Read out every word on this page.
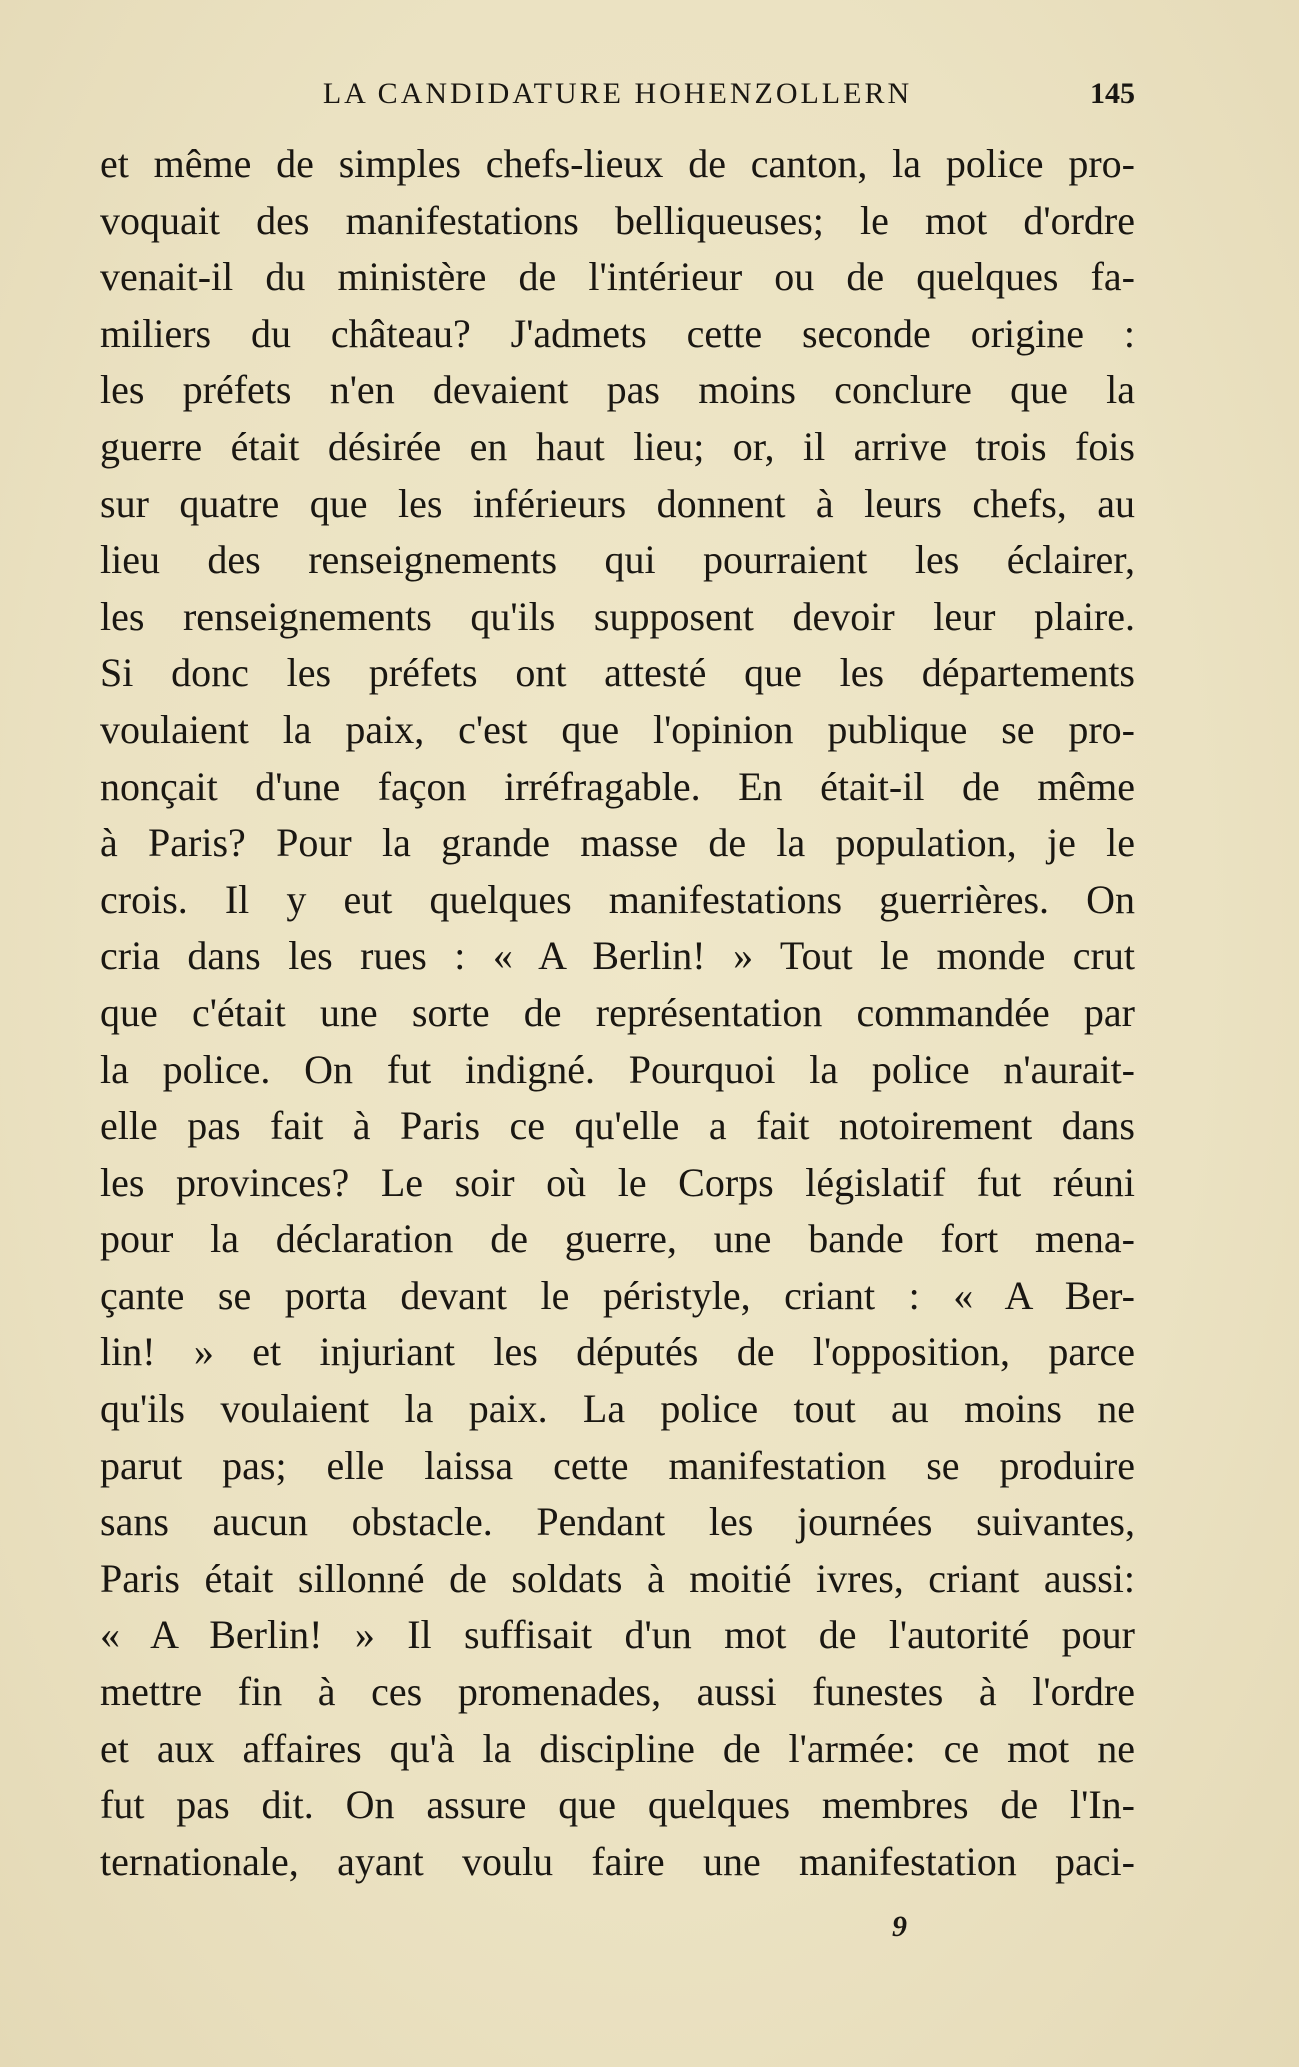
LA CANDIDATURE HOHENZOLLERN	145
et même de simples chefs-lieux de canton, la police pro-
voquait des manifestations belliqueuses; le mot d'ordre
venait-il du ministère de l'intérieur ou de quelques fa-
miliers du château? J'admets cette seconde origine :
les préfets n'en devaient pas moins conclure que la
guerre était désirée en haut lieu; or, il arrive trois fois
sur quatre que les inférieurs donnent à leurs chefs, au
lieu des renseignements qui pourraient les éclairer,
les renseignements qu'ils supposent devoir leur plaire.
Si donc les préfets ont attesté que les départements
voulaient la paix, c'est que l'opinion publique se pro-
nonçait d'une façon irréfragable. En était-il de même
à Paris? Pour la grande masse de la population, je le
crois. Il y eut quelques manifestations guerrières. On
cria dans les rues : « A Berlin! » Tout le monde crut
que c'était une sorte de représentation commandée par
la police. On fut indigné. Pourquoi la police n'aurait-
elle pas fait à Paris ce qu'elle a fait notoirement dans
les provinces? Le soir où le Corps législatif fut réuni
pour la déclaration de guerre, une bande fort mena-
çante se porta devant le péristyle, criant : « A Ber-
lin! » et injuriant les députés de l'opposition, parce
qu'ils voulaient la paix. La police tout au moins ne
parut pas; elle laissa cette manifestation se produire
sans aucun obstacle. Pendant les journées suivantes,
Paris était sillonné de soldats à moitié ivres, criant aussi:
« A Berlin! » Il suffisait d'un mot de l'autorité pour
mettre fin à ces promenades, aussi funestes à l'ordre
et aux affaires qu'à la discipline de l'armée: ce mot ne
fut pas dit. On assure que quelques membres de l'In-
ternationale, ayant voulu faire une manifestation paci-
9
